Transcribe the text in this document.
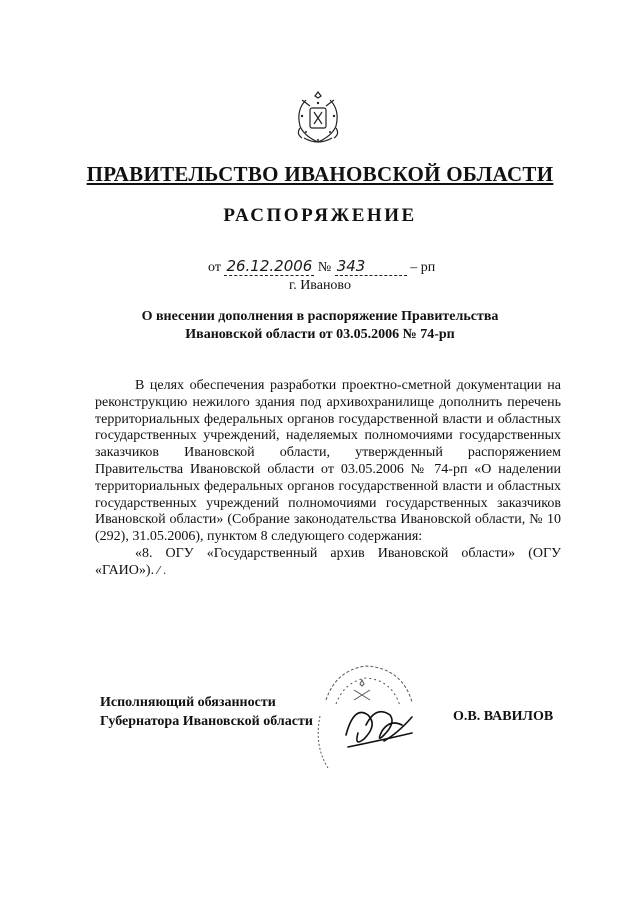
ПРАВИТЕЛЬСТВО ИВАНОВСКОЙ ОБЛАСТИ
РАСПОРЯЖЕНИЕ
от 26.12.2006 № 343	– рп
г. Иваново
О внесении дополнения в распоряжение Правительства
Ивановской области от 03.05.2006 № 74-рп

В целях обеспечения разработки проектно-сметной документации на реконструкцию нежилого здания под архивохранилище дополнить перечень территориальных федеральных органов государственной власти и областных государственных учреждений, наделяемых полномочиями государственных заказчиков Ивановской области, утвержденный распоряжением Правительства Ивановской области от 03.05.2006 № 74-рп «О наделении территориальных федеральных органов государственной власти и областных государственных учреждений полномочиями государственных заказчиков Ивановской области» (Собрание законодательства Ивановской области, № 10 (292), 31.05.2006), пунктом 8 следующего содержания:

«8. ОГУ «Государственный архив Ивановской области» (ОГУ «ГАИО»). ⁄ .

Исполняющий обязанности
Губернатора Ивановской области	О.В. ВАВИЛОВ
